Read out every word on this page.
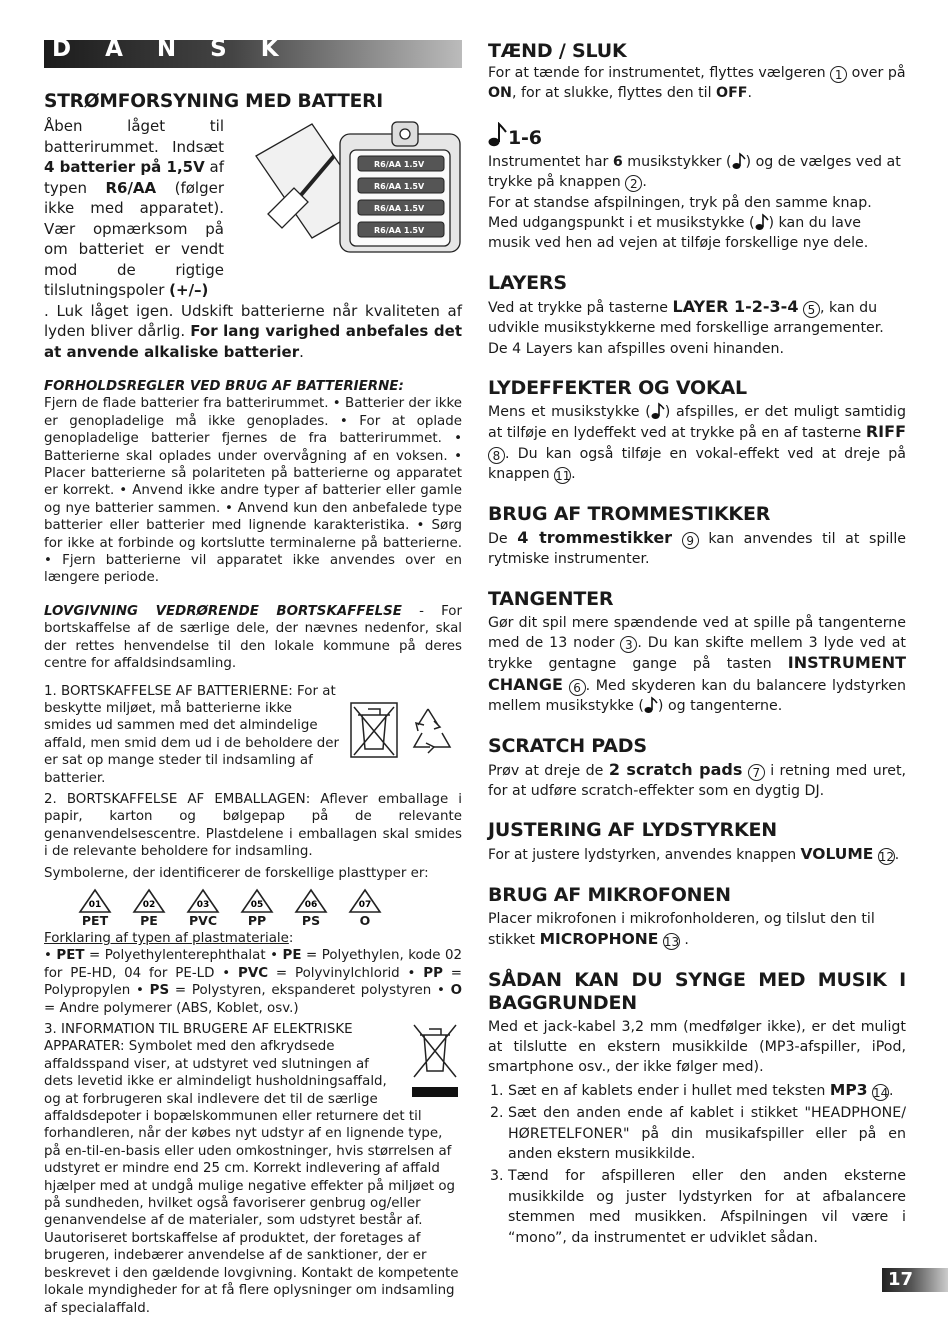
D A N S K
STRØMFORSYNING MED BATTERI
R6/AA 1.5V
R6/AA 1.5V
R6/AA 1.5V
R6/AA 1.5V

Åben låget til batterirummet. Indsæt 4 batterier på 1,5V af typen R6/AA (følger ikke med apparatet). Vær opmærksom på om batteriet er vendt mod de rigtige tilslutningspoler (+/–)
. Luk låget igen. Udskift batterierne når kvaliteten af lyden bliver dårlig. For lang varighed anbefales det at anvende alkaliske batterier.

FORHOLDSREGLER VED BRUG AF BATTERIERNE:

Fjern de flade batterier fra batterirummet. • Batterier der ikke er genopladelige må ikke genoplades. • For at oplade genopladelige batterier fjernes de fra batterirummet. • Batterierne skal oplades under overvågning af en voksen. • Placer batterierne så polariteten på batterierne og apparatet er korrekt. • Anvend ikke andre typer af batterier eller gamle og nye batterier sammen. • Anvend kun den anbefalede type batterier eller batterier med lignende karakteristika. • Sørg for ikke at forbinde og kortslutte terminalerne på batterierne. • Fjern batterierne vil apparatet ikke anvendes over en længere periode.

LOVGIVNING VEDRØRENDE BORTSKAFFELSE - For bortskaffelse af de særlige dele, der nævnes nedenfor, skal der rettes henvendelse til den lokale kommune på deres centre for affaldsindsamling.

1. BORTSKAFFELSE AF BATTERIERNE: For at beskytte miljøet, må batterierne ikke smides ud sammen med det almindelige affald, men smid dem ud i de beholdere der er sat op mange steder til indsamling af batterier.

2. BORTSKAFFELSE AF EMBALLAGEN: Aflever emballage i papir, karton og bølgepap på de relevante genanvendelsescentre. Plastdelene i emballagen skal smides i de relevante beholdere for indsamling.

Symbolerne, der identificerer de forskellige plasttyper er:

01
PET
02
PE
03
PVC
05
PP
06
PS
07
O

Forklaring af typen af plastmateriale:

• PET = Polyethylenterephthalat • PE = Polyethylen, kode 02 for PE-HD, 04 for PE-LD • PVC = Polyvinylchlorid • PP = Polypropylen • PS = Polystyren, ekspanderet polystyren • O = Andre polymerer (ABS, Koblet, osv.)

3. INFORMATION TIL BRUGERE AF ELEKTRISKE APPARATER: Symbolet med den afkrydsede affaldsspand viser, at udstyret ved slutningen af dets levetid ikke er almindeligt husholdningsaffald, og at forbrugeren skal indlevere det til de særlige affaldsdepoter i bopælskommunen eller returnere det til forhandleren, når der købes nyt udstyr af en lignende type, på en-til-en-basis eller uden omkostninger, hvis størrelsen af udstyret er mindre end 25 cm. Korrekt indlevering af affald hjælper med at undgå mulige negative effekter på miljøet og på sundheden, hvilket også favoriserer genbrug og/eller genanvendelse af de materialer, som udstyret består af. Uautoriseret bortskaffelse af produktet, der foretages af brugeren, indebærer anvendelse af de sanktioner, der er beskrevet i den gældende lovgivning. Kontakt de kompetente lokale myndigheder for at få flere oplysninger om indsamling af specialaffald.
TÆND / SLUK

For at tænde for instrumentet, flyttes vælgeren 1 over på ON, for at slukke, flyttes den til OFF.

1-6

Instrumentet har 6 musikstykker ( ) og de vælges ved at trykke på knappen 2 .
For at standse afspilningen, tryk på den samme knap.
Med udgangspunkt i et musikstykke ( ) kan du lave musik ved hen ad vejen at tilføje forskellige nye dele.

LAYERS

Ved at trykke på tasterne LAYER 1-2-3-4 5 , kan du udvikle musikstykkerne med forskellige arrangementer. De 4 Layers kan afspilles oveni hinanden.

LYDEFFEKTER OG VOKAL

Mens et musikstykke ( ) afspilles, er det muligt samtidig at tilføje en lydeffekt ved at trykke på en af tasterne RIFF 8 . Du kan også tilføje en vokal-effekt ved at dreje på knappen 11.

BRUG AF TROMMESTIKKER

De 4 trommestikker 9 kan anvendes til at spille rytmiske instrumenter.

TANGENTER

Gør dit spil mere spændende ved at spille på tangenterne med de 13 noder 3 . Du kan skifte mellem 3 lyde ved at trykke gentagne gange på tasten INSTRUMENT CHANGE 6 . Med skyderen kan du balancere lydstyrken mellem musikstykke ( ) og tangenterne.

SCRATCH PADS

Prøv at dreje de 2 scratch pads 7 i retning med uret, for at udføre scratch-effekter som en dygtig DJ.

JUSTERING AF LYDSTYRKEN

For at justere lydstyrken, anvendes knappen VOLUME 12.

BRUG AF MIKROFONEN

Placer mikrofonen i mikrofonholderen, og tilslut den til stikket MICROPHONE 13 .

SÅDAN KAN DU SYNGE MED MUSIK I BAGGRUNDEN

Med et jack-kabel 3,2 mm (medfølger ikke), er det muligt at tilslutte en ekstern musikkilde (MP3-afspiller, iPod, smartphone osv., der ikke følger med).

1. Sæt en af kablets ender i hullet med teksten MP3 14.
2. Sæt den anden ende af kablet i stikket "HEADPHONE/ HØRETELFONER" på din musikafspiller eller på en anden ekstern musikkilde.
3. Tænd for afspilleren eller den anden eksterne musikkilde og juster lydstyrken for at afbalancere stemmen med musikken. Afspilningen vil være i “mono”, da instrumentet er udviklet sådan.
17
